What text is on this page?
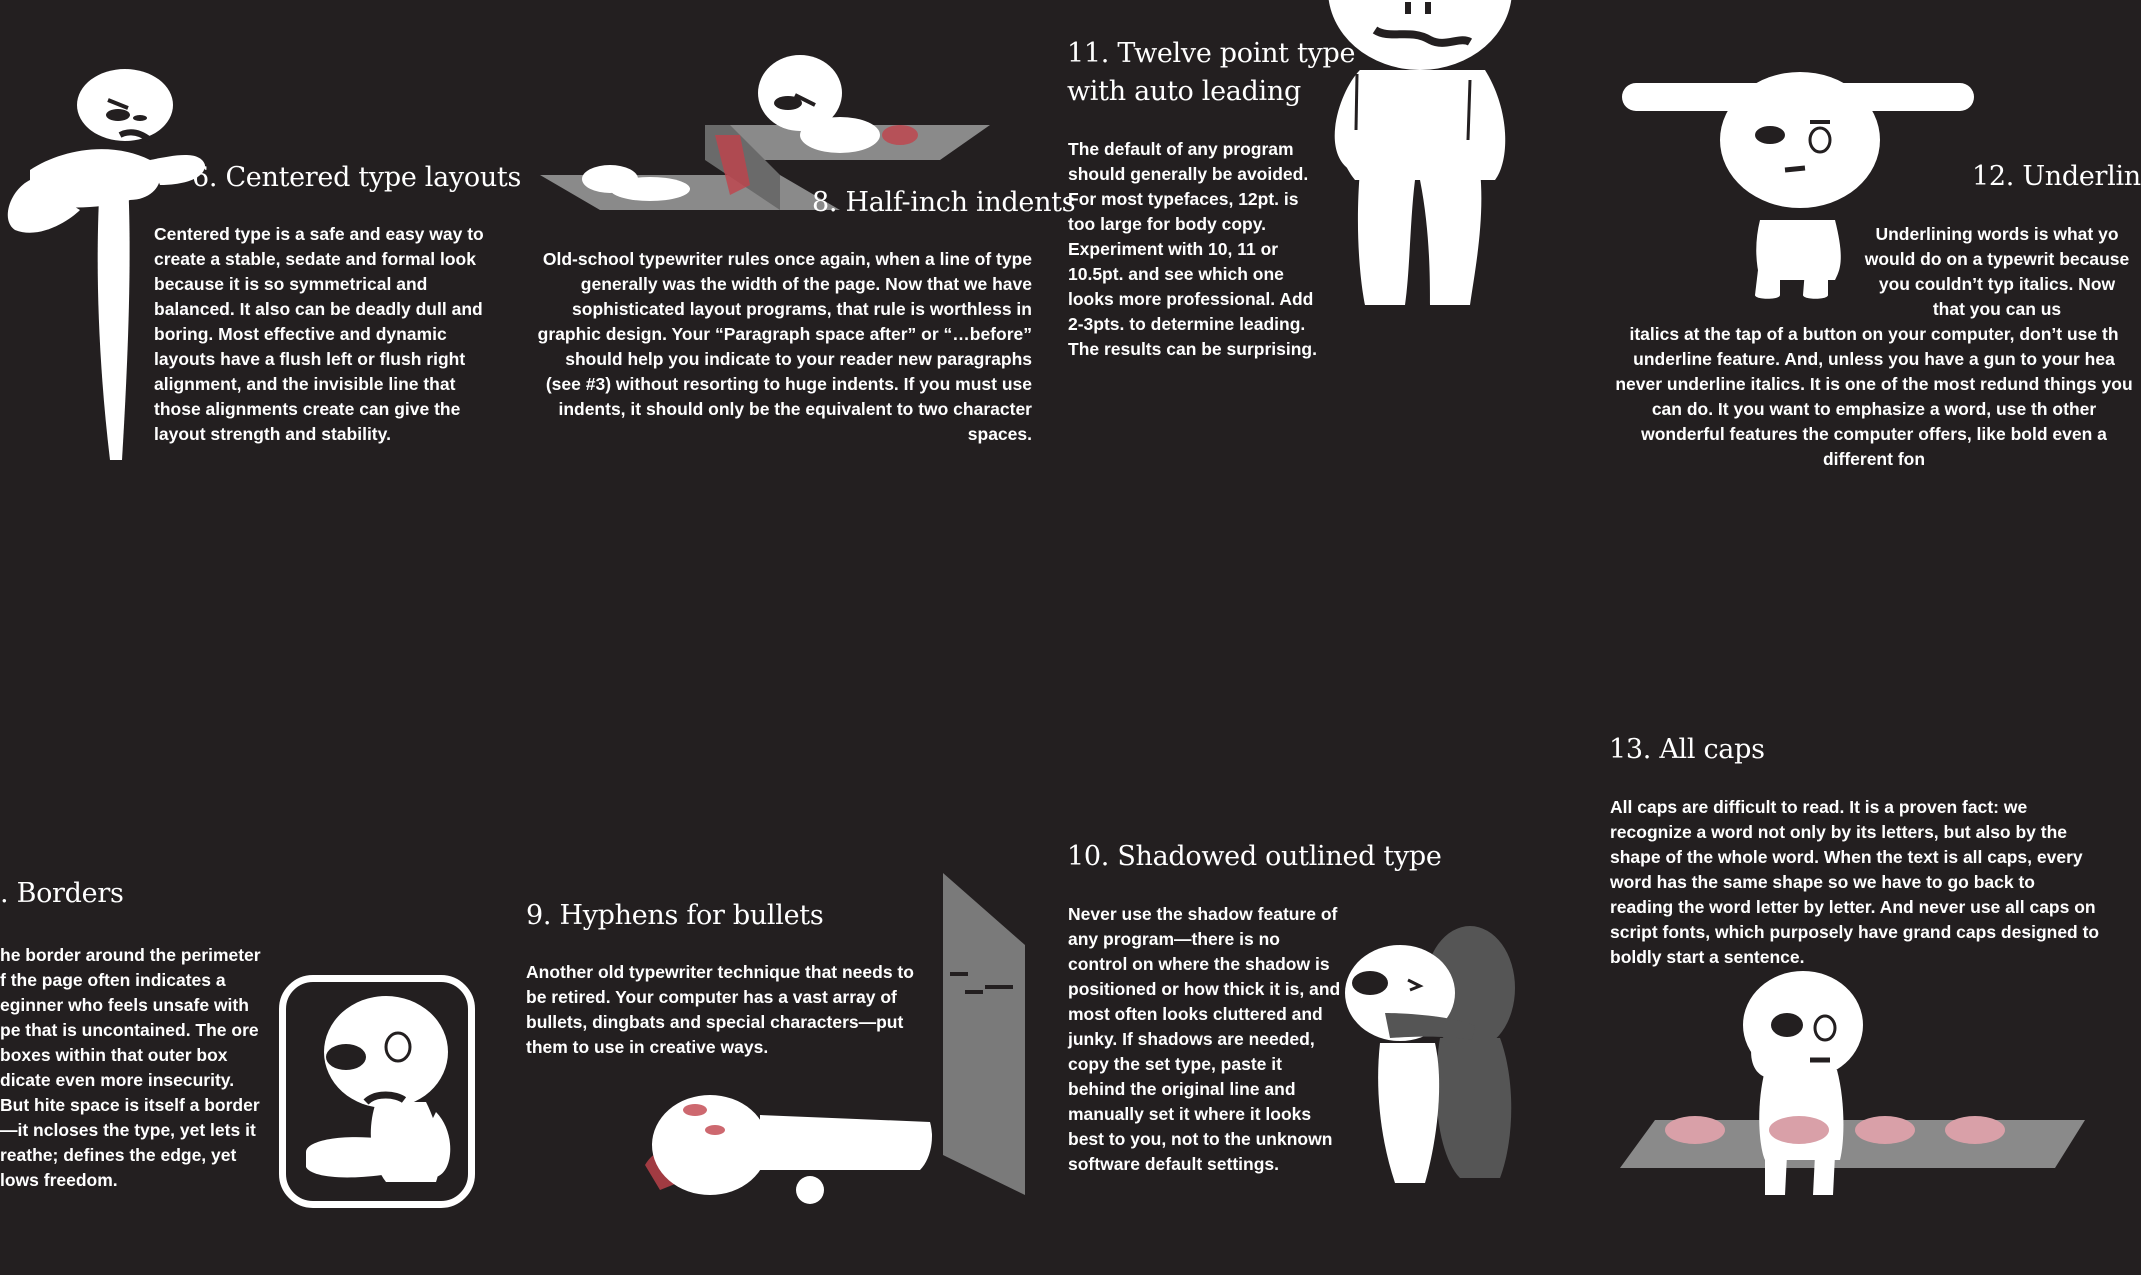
6. Centered type layouts

Centered type is a safe and easy way to create a stable, sedate and formal look because it is so symmetrical and balanced. It also can be deadly dull and boring. Most effective and dynamic layouts have a flush left or flush right alignment, and the invisible line that those alignments create can give the layout strength and stability.

8. Half-inch indents

Old-school typewriter rules once again, when a line of type generally was the width of the page. Now that we have sophisticated layout programs, that rule is worthless in graphic design. Your “Paragraph space after” or “…before” should help you indicate to your reader new paragraphs (see #3) without resorting to huge indents. If you must use indents, it should only be the equivalent to two character spaces.

11. Twelve point type
with auto leading

The default of any program should generally be avoided. For most typefaces, 12pt. is too large for body copy. Experiment with 10, 11 or 10.5pt. and see which one looks more professional. Add 2-3pts. to determine leading. The results can be surprising.

12. Underlin

Underlining words is what yo would do on a typewrit because you couldn’t typ italics. Now that you can us

italics at the tap of a button on your computer, don’t use th underline feature. And, unless you have a gun to your hea never underline italics. It is one of the most redund things you can do. It you want to emphasize a word, use th other wonderful features the computer offers, like bold even a different fon

. Borders

he border around the perimeter f the page often indicates a eginner who feels unsafe with pe that is uncontained. The ore boxes within that outer box dicate even more insecurity. But hite space is itself a border—it ncloses the type, yet lets it reathe; defines the edge, yet lows freedom.

9. Hyphens for bullets

Another old typewriter technique that needs to be retired. Your computer has a vast array of bullets, dingbats and special characters—put them to use in creative ways.

10. Shadowed outlined type

Never use the shadow feature of any program—there is no control on where the shadow is positioned or how thick it is, and most often looks cluttered and junky. If shadows are needed, copy the set type, paste it behind the original line and manually set it where it looks best to you, not to the unknown software default settings.

13. All caps

All caps are difficult to read. It is a proven fact: we recognize a word not only by its letters, but also by the shape of the whole word. When the text is all caps, every word has the same shape so we have to go back to reading the word letter by letter. And never use all caps on script fonts, which purposely have grand caps designed to boldly start a sentence.
